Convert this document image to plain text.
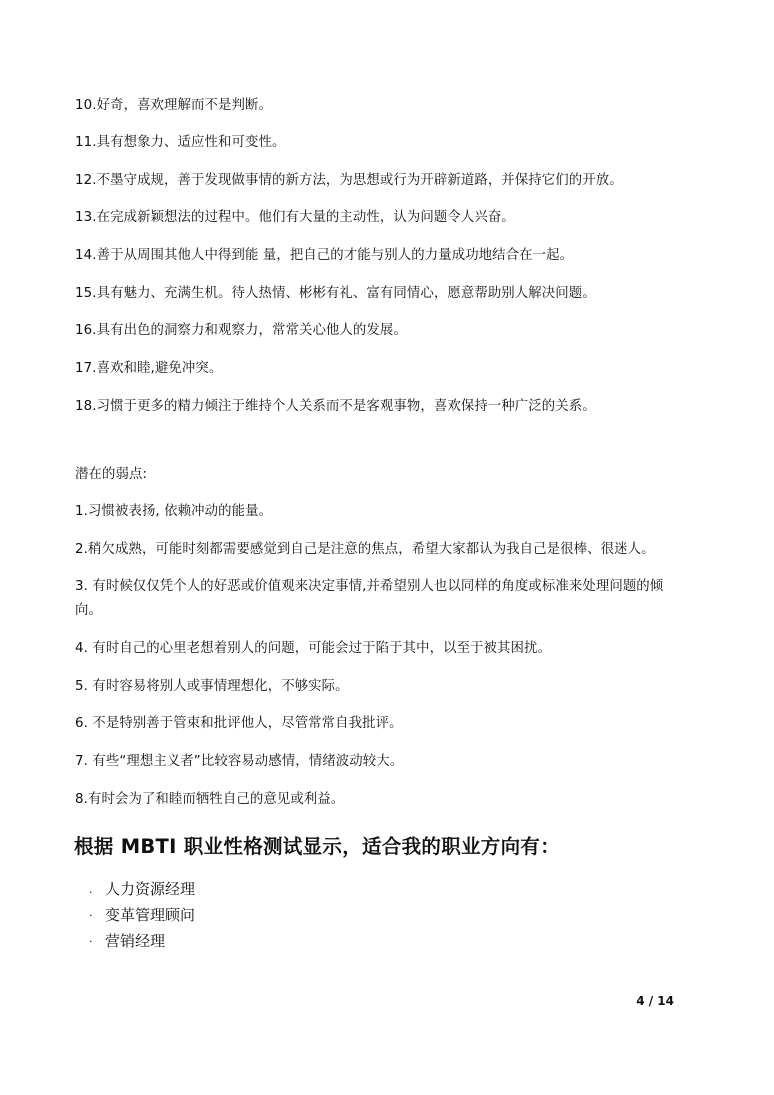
10.好奇，喜欢理解而不是判断。
11.具有想象力、适应性和可变性。
12.不墨守成规，善于发现做事情的新方法，为思想或行为开辟新道路，并保持它们的开放。
13.在完成新颖想法的过程中。他们有大量的主动性，认为问题令人兴奋。
14.善于从周围其他人中得到能 量，把自己的才能与别人的力量成功地结合在一起。
15.具有魅力、充满生机。待人热情、彬彬有礼、富有同情心，愿意帮助别人解决问题。
16.具有出色的洞察力和观察力，常常关心他人的发展。
17.喜欢和睦,避免冲突。
18.习惯于更多的精力倾注于维持个人关系而不是客观事物，喜欢保持一种广泛的关系。
潜在的弱点:
1.习惯被表扬, 依赖冲动的能量。
2.稍欠成熟，可能时刻都需要感觉到自己是注意的焦点，希望大家都认为我自己是很棒、很迷人。
3. 有时候仅仅凭个人的好恶或价值观来决定事情,并希望别人也以同样的角度或标准来处理问题的倾向。
4. 有时自己的心里老想着别人的问题，可能会过于陷于其中，以至于被其困扰。
5. 有时容易将别人或事情理想化，不够实际。
6. 不是特别善于管束和批评他人，尽管常常自我批评。
7. 有些“理想主义者”比较容易动感情，情绪波动较大。
8.有时会为了和睦而牺牲自己的意见或利益。
根据 MBTI 职业性格测试显示，适合我的职业方向有：
. 人力资源经理
· 变革管理顾问
· 营销经理
4 / 14
